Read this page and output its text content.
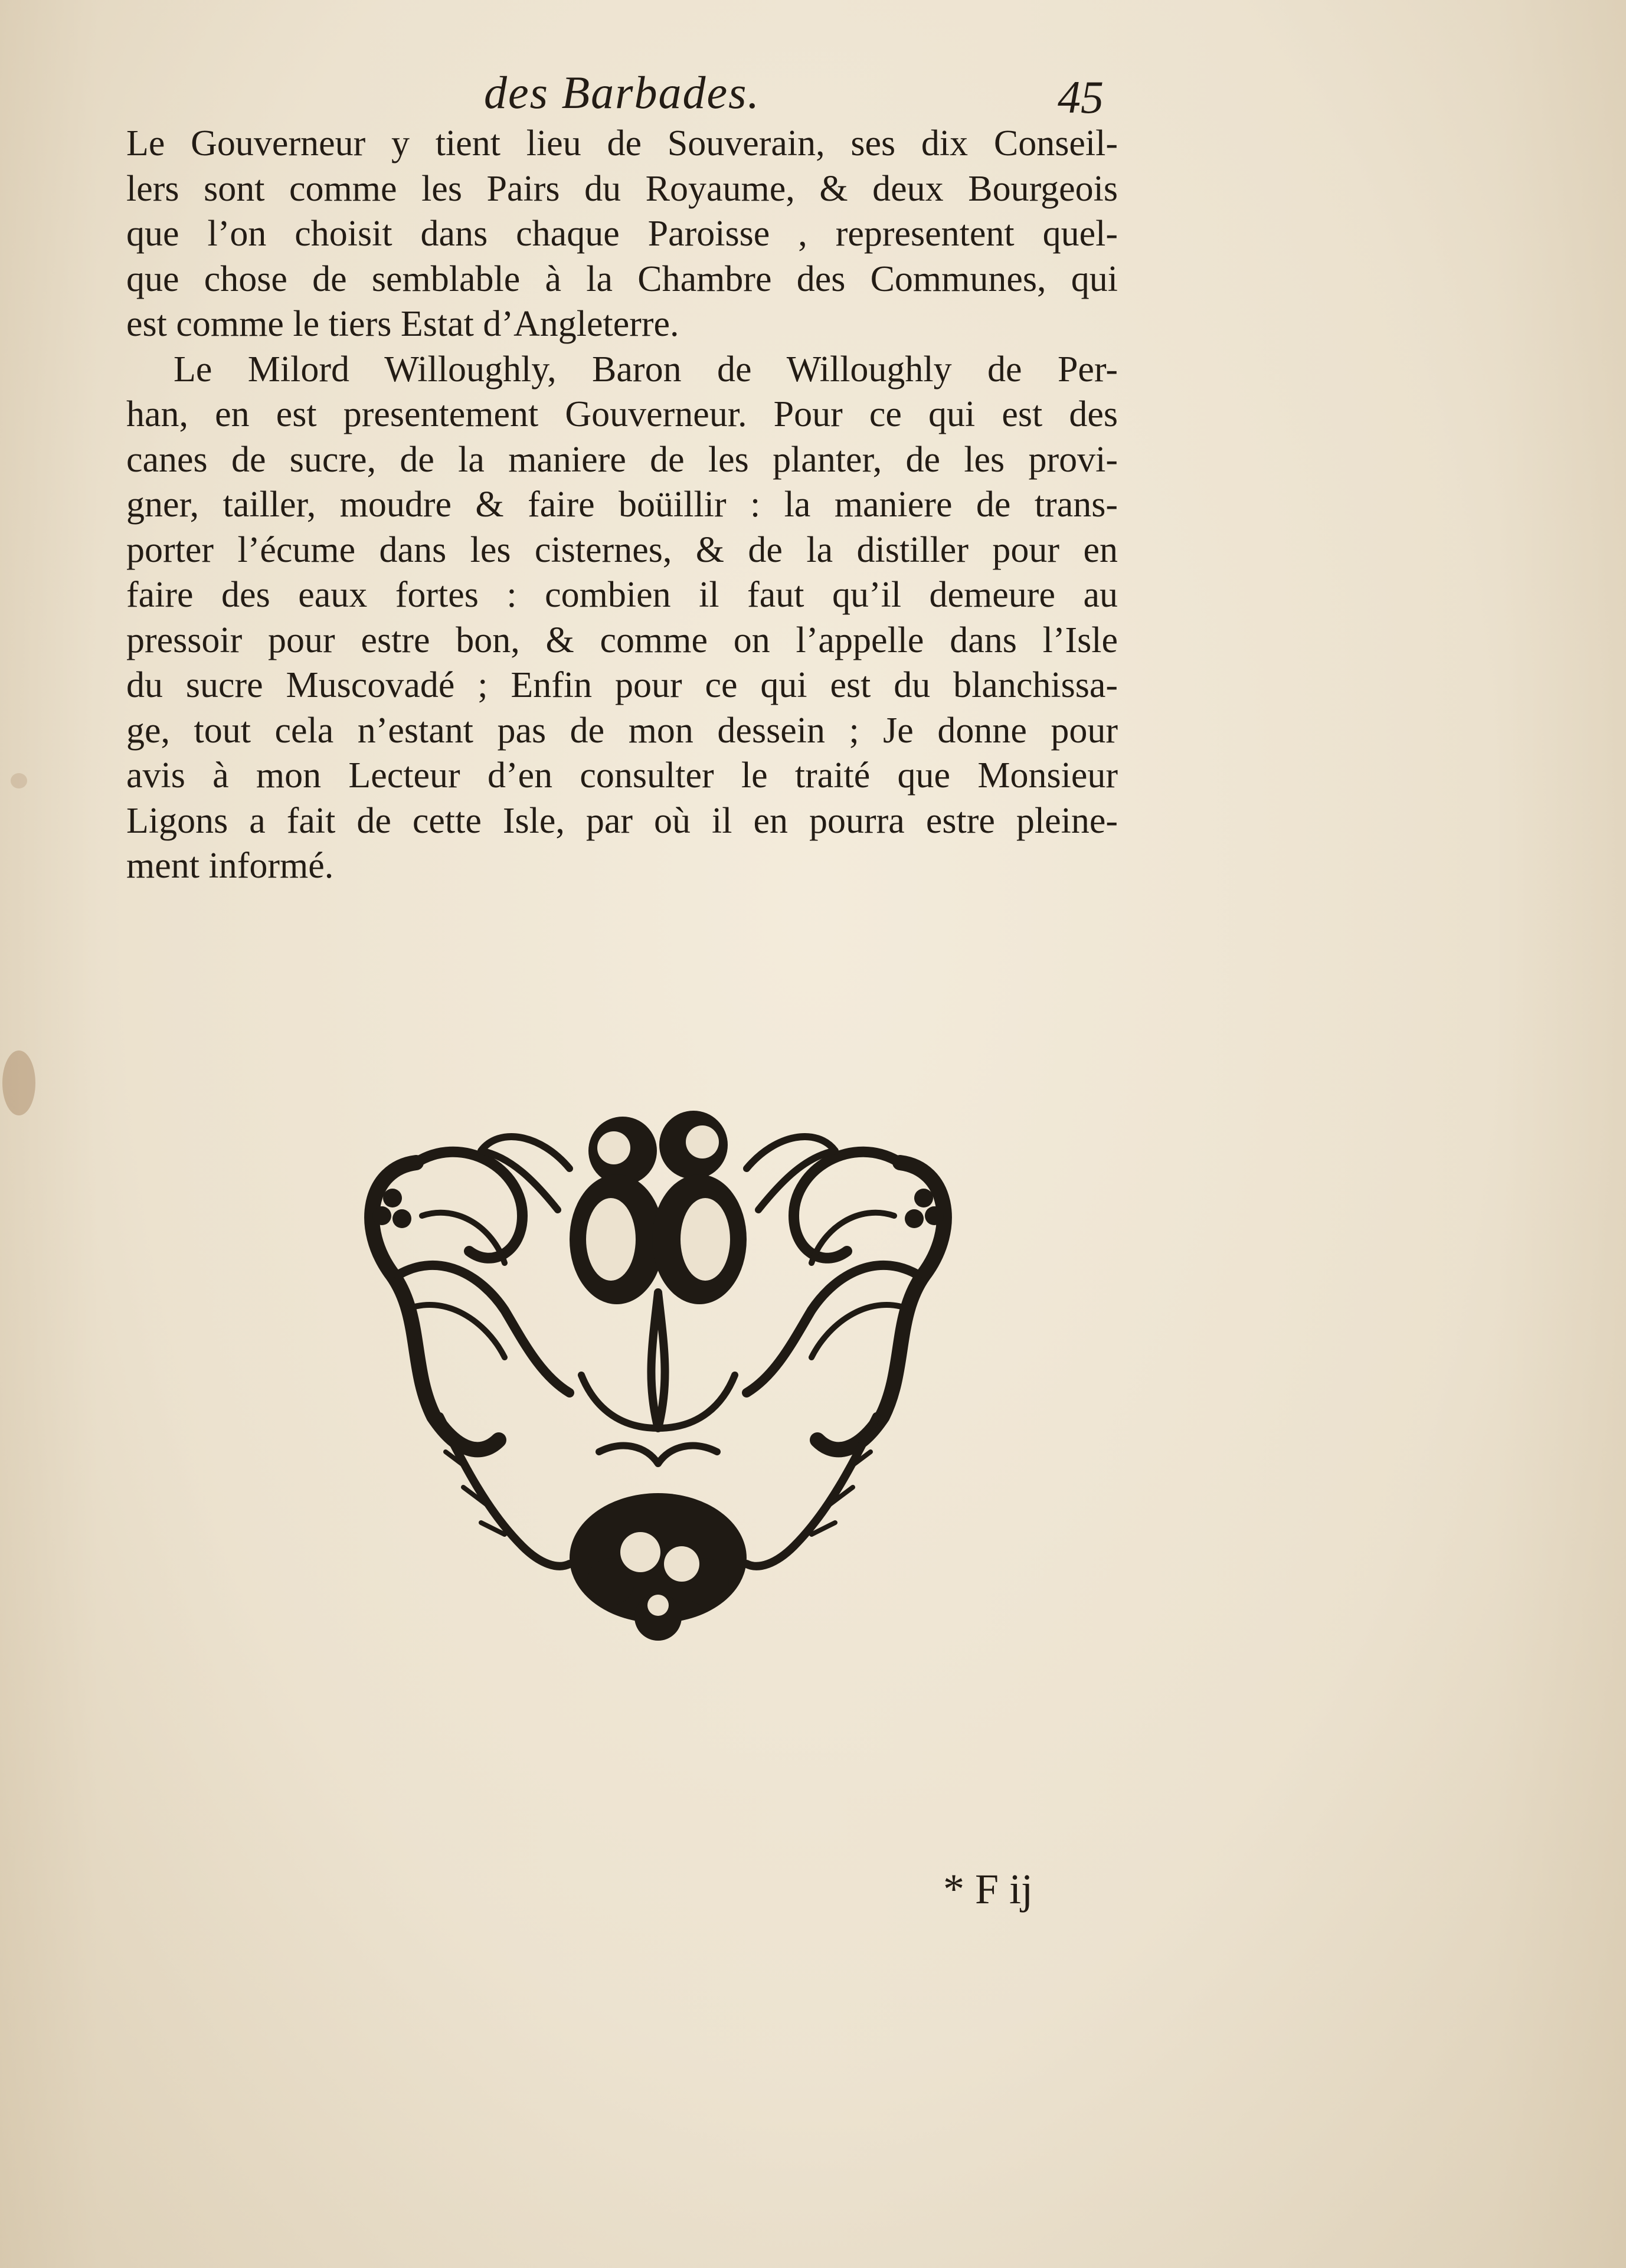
des Barbades.	45
Le Gouverneur y tient lieu de Souverain, ses dix Conseil-
lers sont comme les Pairs du Royaume, & deux Bourgeois
que l’on choisit dans chaque Paroisse , representent quel-
que chose de semblable à la Chambre des Communes, qui
est comme le tiers Estat d’Angleterre.
Le Milord Willoughly, Baron de Willoughly de Per-
han, en est presentement Gouverneur. Pour ce qui est des
canes de sucre, de la maniere de les planter, de les provi-
gner, tailler, moudre & faire boüillir : la maniere de trans-
porter l’écume dans les cisternes, & de la distiller pour en
faire des eaux fortes : combien il faut qu’il demeure au
pressoir pour estre bon, & comme on l’appelle dans l’Isle
du sucre Muscovadé ; Enfin pour ce qui est du blanchissa-
ge, tout cela n’estant pas de mon dessein ; Je donne pour
avis à mon Lecteur d’en consulter le traité que Monsieur
Ligons a fait de cette Isle, par où il en pourra estre pleine-
ment informé.
* F ij
